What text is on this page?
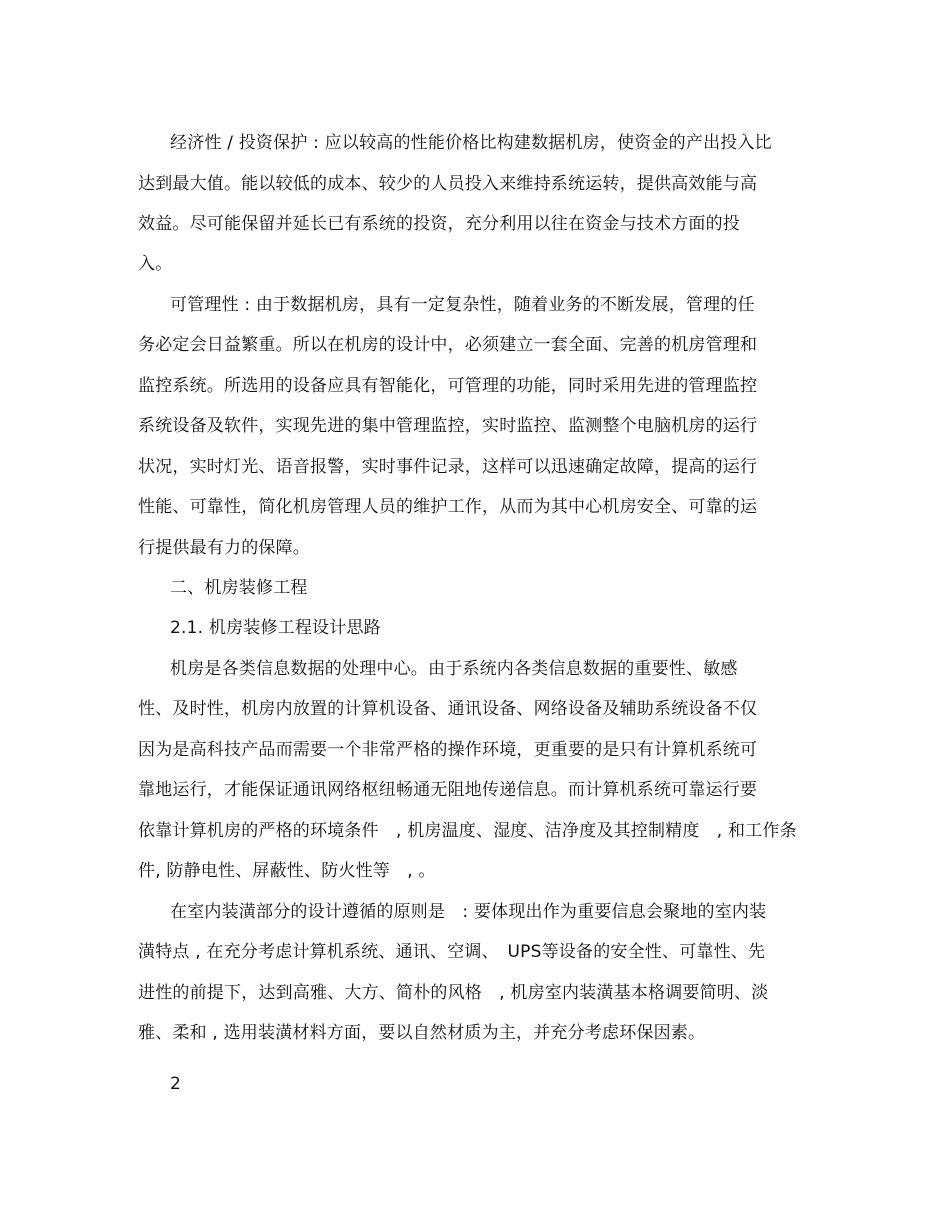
经济性 / 投资保护 : 应以较高的性能价格比构建数据机房，使资金的产出投入比
达到最大值。能以较低的成本、较少的人员投入来维持系统运转，提供高效能与高
效益。尽可能保留并延长已有系统的投资，充分利用以往在资金与技术方面的投
入。
可管理性 : 由于数据机房，具有一定复杂性，随着业务的不断发展，管理的任
务必定会日益繁重。所以在机房的设计中，必须建立一套全面、完善的机房管理和
监控系统。所选用的设备应具有智能化，可管理的功能，同时采用先进的管理监控
系统设备及软件，实现先进的集中管理监控，实时监控、监测整个电脑机房的运行
状况，实时灯光、语音报警，实时事件记录，这样可以迅速确定故障，提高的运行
性能、可靠性，简化机房管理人员的维护工作，从而为其中心机房安全、可靠的运
行提供最有力的保障。
二、机房装修工程
2.1. 机房装修工程设计思路
机房是各类信息数据的处理中心。由于系统内各类信息数据的重要性、敏感
性、及时性，机房内放置的计算机设备、通讯设备、网络设备及辅助系统设备不仅
因为是高科技产品而需要一个非常严格的操作环境，更重要的是只有计算机系统可
靠地运行，才能保证通讯网络枢纽畅通无阻地传递信息。而计算机系统可靠运行要
依靠计算机房的严格的环境条件　, 机房温度、湿度、洁净度及其控制精度　, 和工作条
件, 防静电性、屏蔽性、防火性等　, 。
在室内装潢部分的设计遵循的原则是　: 要体现出作为重要信息会聚地的室内装
潢特点 , 在充分考虑计算机系统、通讯、空调、　UPS等设备的安全性、可靠性、先
进性的前提下，达到高雅、大方、简朴的风格　, 机房室内装潢基本格调要简明、淡
雅、柔和 , 选用装潢材料方面，要以自然材质为主，并充分考虑环保因素。
2
